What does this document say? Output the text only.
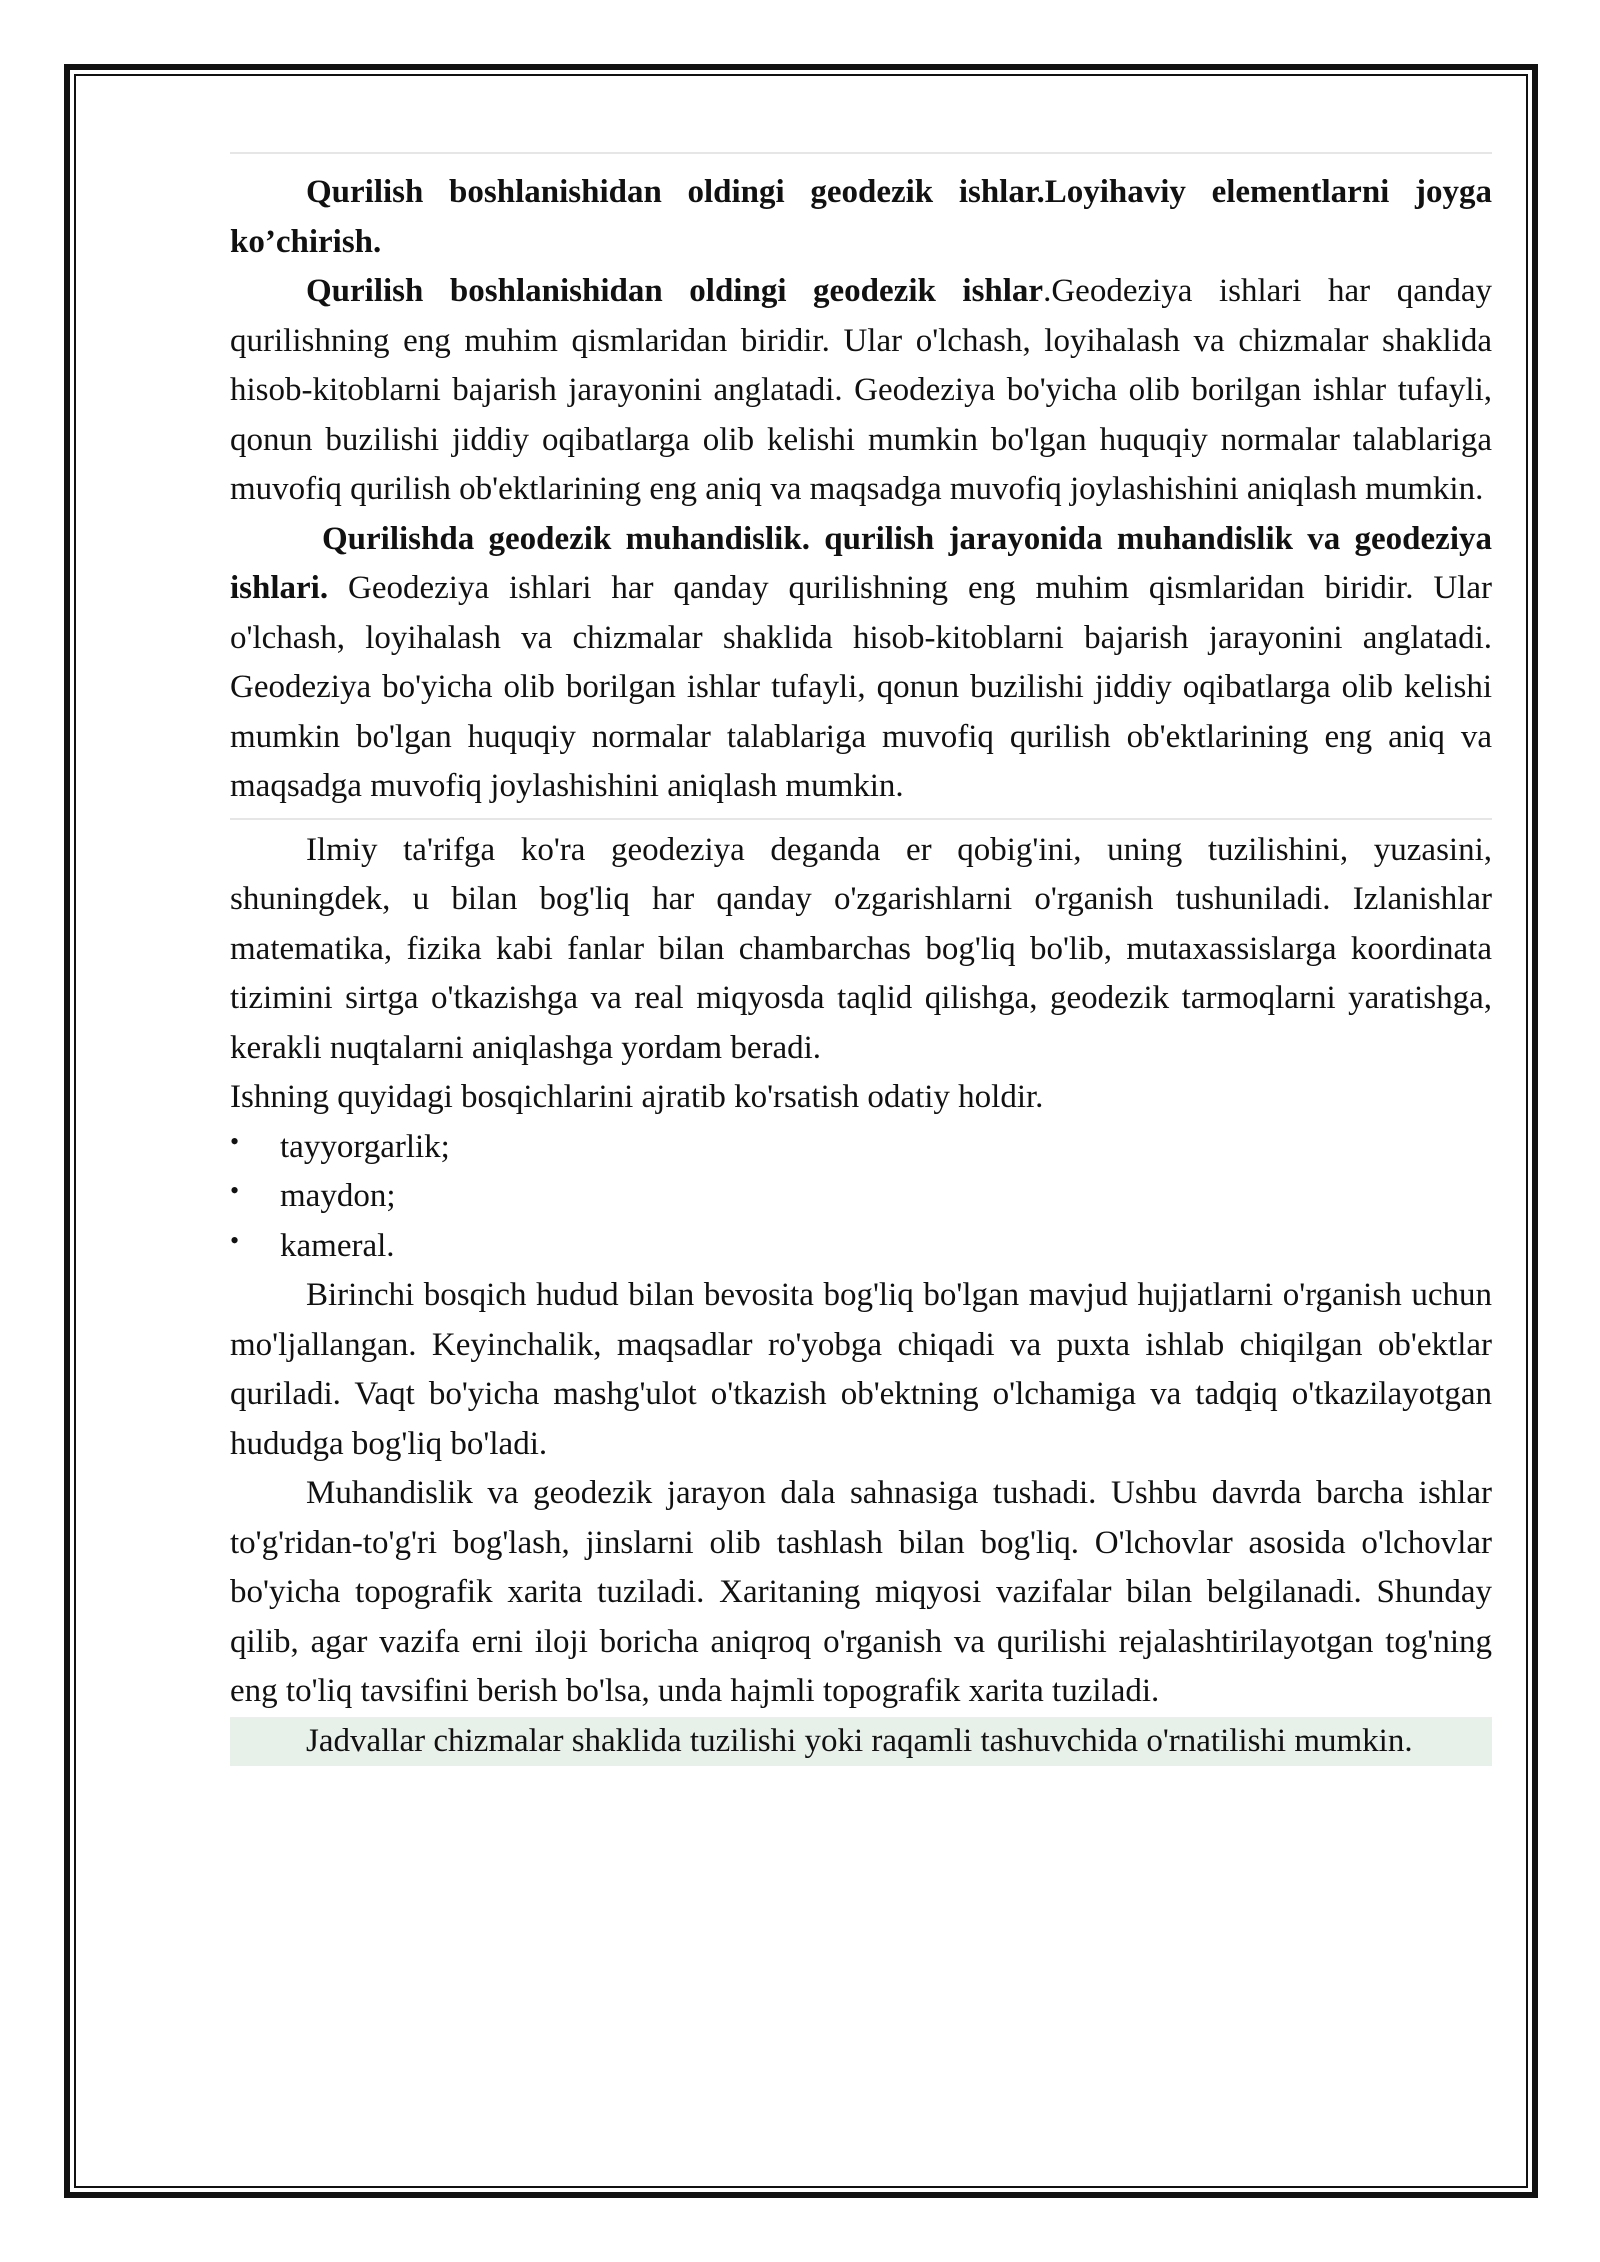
Qurilish boshlanishidan oldingi geodezik ishlar.Loyihaviy elementlarni joyga ko’chirish.

Qurilish boshlanishidan oldingi geodezik ishlar.Geodeziya ishlari har qanday qurilishning eng muhim qismlaridan biridir. Ular o'lchash, loyihalash va chizmalar shaklida hisob-kitoblarni bajarish jarayonini anglatadi. Geodeziya bo'yicha olib borilgan ishlar tufayli, qonun buzilishi jiddiy oqibatlarga olib kelishi mumkin bo'lgan huquqiy normalar talablariga muvofiq qurilish ob'ektlarining eng aniq va maqsadga muvofiq joylashishini aniqlash mumkin.

Qurilishda geodezik muhandislik. qurilish jarayonida muhandislik va geodeziya ishlari. Geodeziya ishlari har qanday qurilishning eng muhim qismlaridan biridir. Ular o'lchash, loyihalash va chizmalar shaklida hisob-kitoblarni bajarish jarayonini anglatadi. Geodeziya bo'yicha olib borilgan ishlar tufayli, qonun buzilishi jiddiy oqibatlarga olib kelishi mumkin bo'lgan huquqiy normalar talablariga muvofiq qurilish ob'ektlarining eng aniq va maqsadga muvofiq joylashishini aniqlash mumkin.

Ilmiy ta'rifga ko'ra geodeziya deganda er qobig'ini, uning tuzilishini, yuzasini, shuningdek, u bilan bog'liq har qanday o'zgarishlarni o'rganish tushuniladi. Izlanishlar matematika, fizika kabi fanlar bilan chambarchas bog'liq bo'lib, mutaxassislarga koordinata tizimini sirtga o'tkazishga va real miqyosda taqlid qilishga, geodezik tarmoqlarni yaratishga, kerakli nuqtalarni aniqlashga yordam beradi.

Ishning quyidagi bosqichlarini ajratib ko'rsatish odatiy holdir.

• tayyorgarlik;
• maydon;
• kameral.

Birinchi bosqich hudud bilan bevosita bog'liq bo'lgan mavjud hujjatlarni o'rganish uchun mo'ljallangan. Keyinchalik, maqsadlar ro'yobga chiqadi va puxta ishlab chiqilgan ob'ektlar quriladi. Vaqt bo'yicha mashg'ulot o'tkazish ob'ektning o'lchamiga va tadqiq o'tkazilayotgan hududga bog'liq bo'ladi.

Muhandislik va geodezik jarayon dala sahnasiga tushadi. Ushbu davrda barcha ishlar to'g'ridan-to'g'ri bog'lash, jinslarni olib tashlash bilan bog'liq. O'lchovlar asosida o'lchovlar bo'yicha topografik xarita tuziladi. Xaritaning miqyosi vazifalar bilan belgilanadi. Shunday qilib, agar vazifa erni iloji boricha aniqroq o'rganish va qurilishi rejalashtirilayotgan tog'ning eng to'liq tavsifini berish bo'lsa, unda hajmli topografik xarita tuziladi.

Jadvallar chizmalar shaklida tuzilishi yoki raqamli tashuvchida o'rnatilishi mumkin.
